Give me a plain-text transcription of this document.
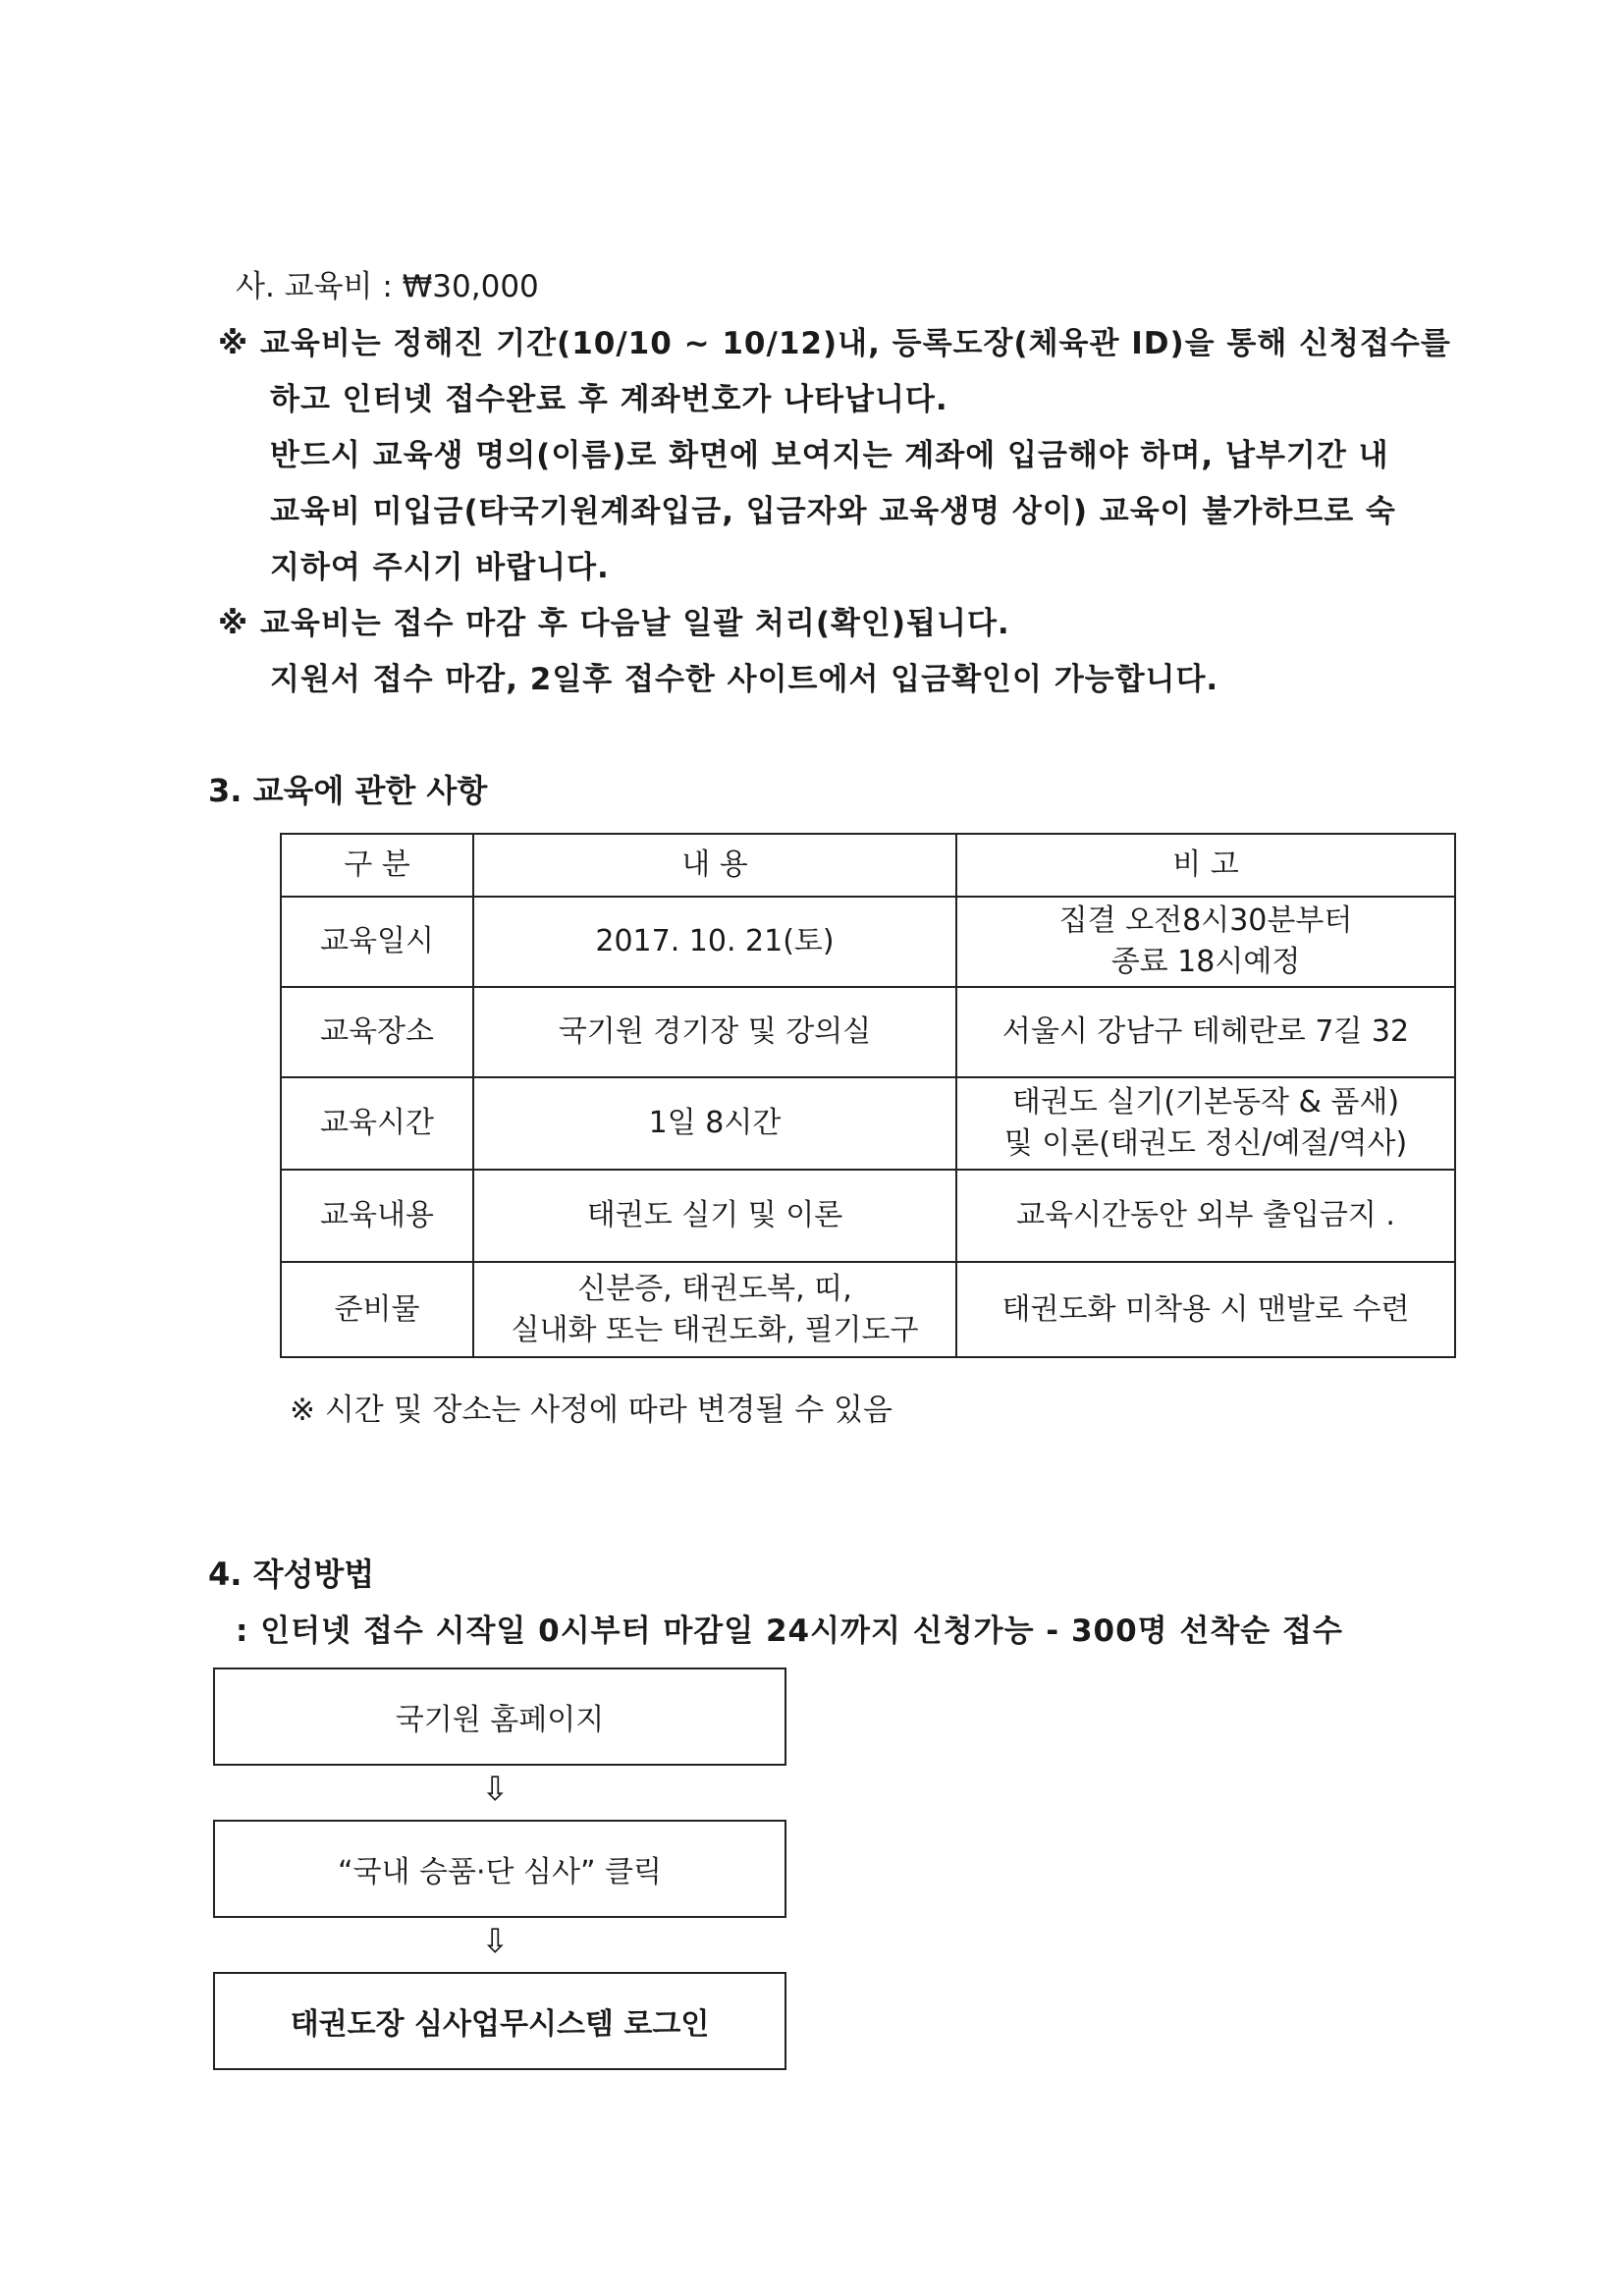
사. 교육비 : ₩30,000
※ 교육비는 정해진 기간(10/10 ~ 10/12)내, 등록도장(체육관 ID)을 통해 신청접수를
하고 인터넷 접수완료 후 계좌번호가 나타납니다.
반드시 교육생 명의(이름)로 화면에 보여지는 계좌에 입금해야 하며, 납부기간 내
교육비 미입금(타국기원계좌입금, 입금자와 교육생명 상이) 교육이 불가하므로 숙
지하여 주시기 바랍니다.
※ 교육비는 접수 마감 후 다음날 일괄 처리(확인)됩니다.
지원서 접수 마감, 2일후 접수한 사이트에서 입금확인이 가능합니다.
3. 교육에 관한 사항
구 분	내 용	비 고
교육일시	2017. 10. 21(토)	집결 오전8시30분부터
종료 18시예정

교육장소	국기원 경기장 및 강의실	서울시 강남구 테헤란로 7길 32

교육시간	1일 8시간	태권도 실기(기본동작 & 품새)
및 이론(태권도 정신/예절/역사)

교육내용	태권도 실기 및 이론	교육시간동안 외부 출입금지 .

준비물	신분증, 태권도복, 띠,
실내화 또는 태권도화, 필기도구	태권도화 미착용 시 맨발로 수련
※ 시간 및 장소는 사정에 따라 변경될 수 있음
4. 작성방법
: 인터넷 접수 시작일 0시부터 마감일 24시까지 신청가능 - 300명 선착순 접수
국기원 홈페이지
⇩
“국내 승품·단 심사” 클릭
⇩
태권도장 심사업무시스템 로그인
